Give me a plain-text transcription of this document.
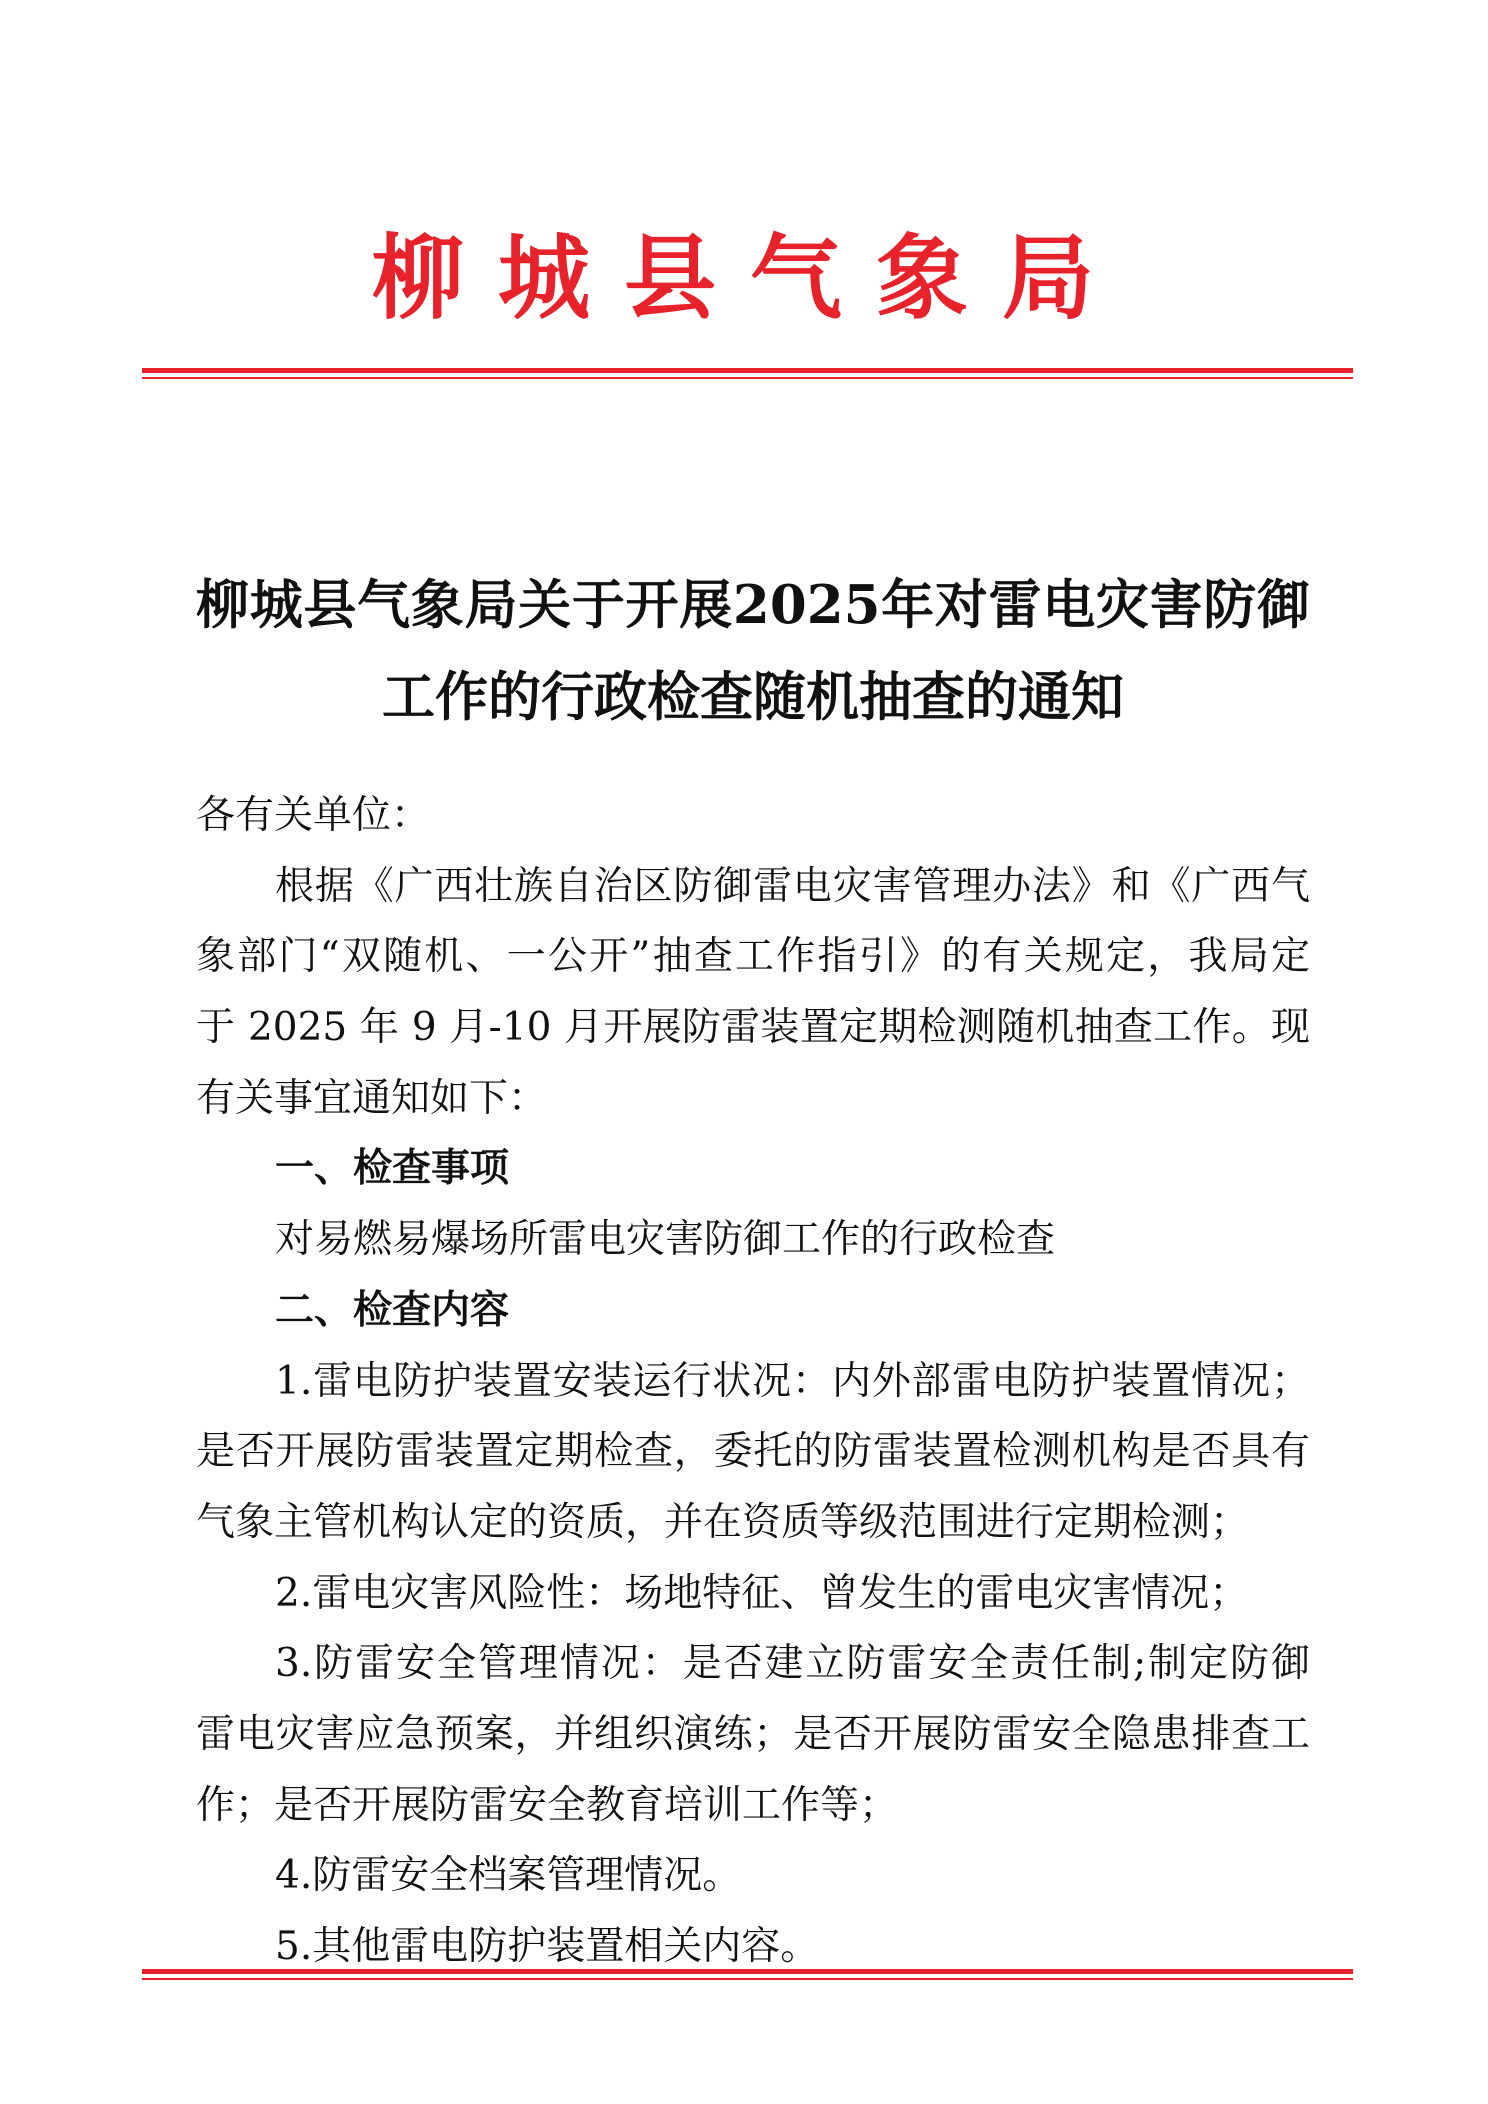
柳城县气象局
柳城县气象局关于开展2025年对雷电灾害防御
工作的行政检查随机抽查的通知
各有关单位：
根据《广西壮族自治区防御雷电灾害管理办法》和《广西气
象部门“双随机、一公开”抽查工作指引》的有关规定，我局定
于 2025 年 9 月-10 月开展防雷装置定期检测随机抽查工作。现
有关事宜通知如下：
一、检查事项
对易燃易爆场所雷电灾害防御工作的行政检查
二、检查内容
1.雷电防护装置安装运行状况：内外部雷电防护装置情况；
是否开展防雷装置定期检查，委托的防雷装置检测机构是否具有
气象主管机构认定的资质，并在资质等级范围进行定期检测；
2.雷电灾害风险性：场地特征、曾发生的雷电灾害情况；
3.防雷安全管理情况：是否建立防雷安全责任制;制定防御
雷电灾害应急预案，并组织演练；是否开展防雷安全隐患排查工
作；是否开展防雷安全教育培训工作等；
4.防雷安全档案管理情况。
5.其他雷电防护装置相关内容。
